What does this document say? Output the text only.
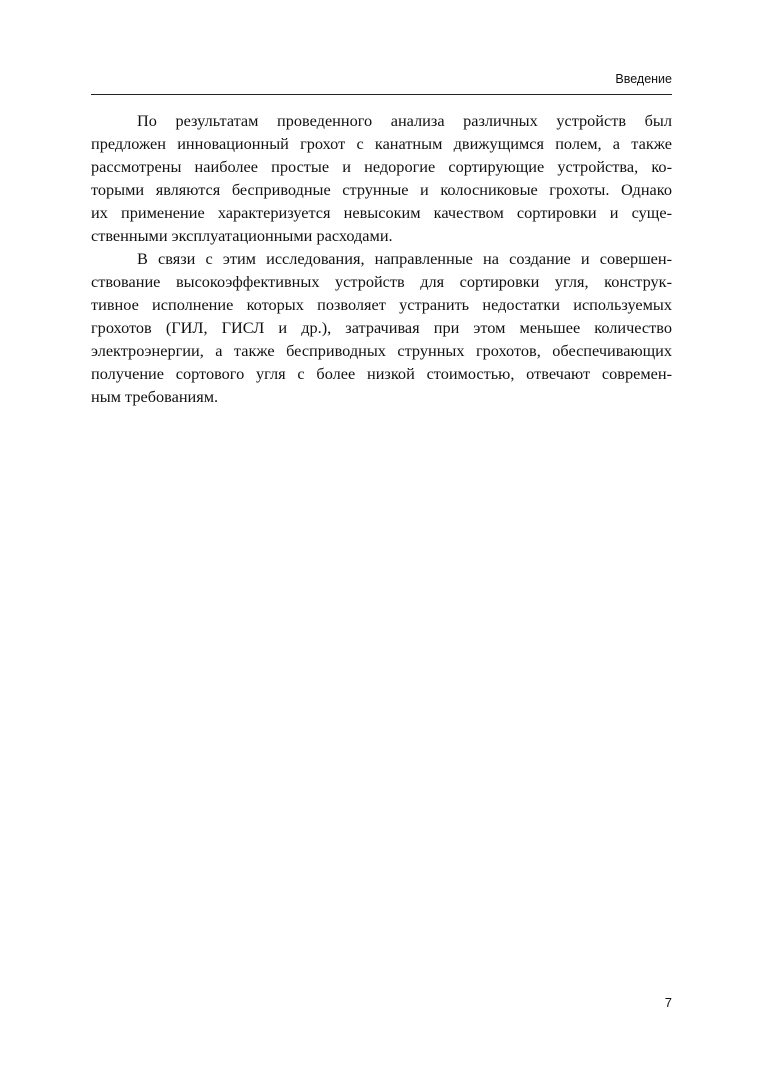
Введение
По результатам проведенного анализа различных устройств был
предложен инновационный грохот с канатным движущимся полем, а также
рассмотрены наиболее простые и недорогие сортирующие устройства, ко-
торыми являются бесприводные струнные и колосниковые грохоты. Однако
их применение характеризуется невысоким качеством сортировки и суще-
ственными эксплуатационными расходами.
В связи с этим исследования, направленные на создание и совершен-
ствование высокоэффективных устройств для сортировки угля, конструк-
тивное исполнение которых позволяет устранить недостатки используемых
грохотов (ГИЛ, ГИСЛ и др.), затрачивая при этом меньшее количество
электроэнергии, а также бесприводных струнных грохотов, обеспечивающих
получение сортового угля с более низкой стоимостью, отвечают современ-
ным требованиям.
7
